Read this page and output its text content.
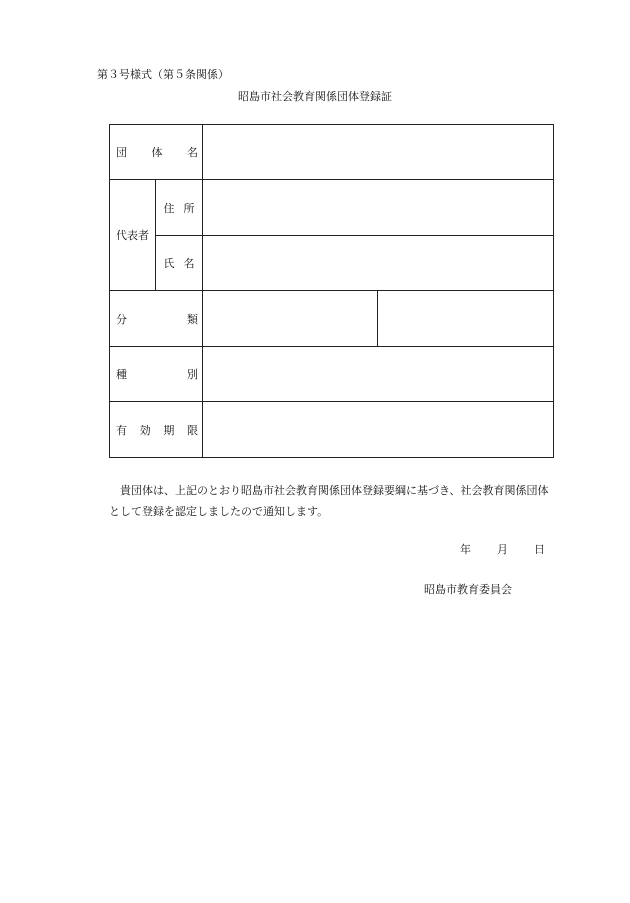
第３号様式（第５条関係）
昭島市社会教育関係団体登録証
団 体 名			

代表者	住 所		

	氏 名		

分 類			

種 別			

有 効 期 限			

　貴団体は、上記のとおり昭島市社会教育関係団体登録要綱に基づき、社会教育関係団体として登録を認定しましたので通知します。
年 月 日
昭島市教育委員会
